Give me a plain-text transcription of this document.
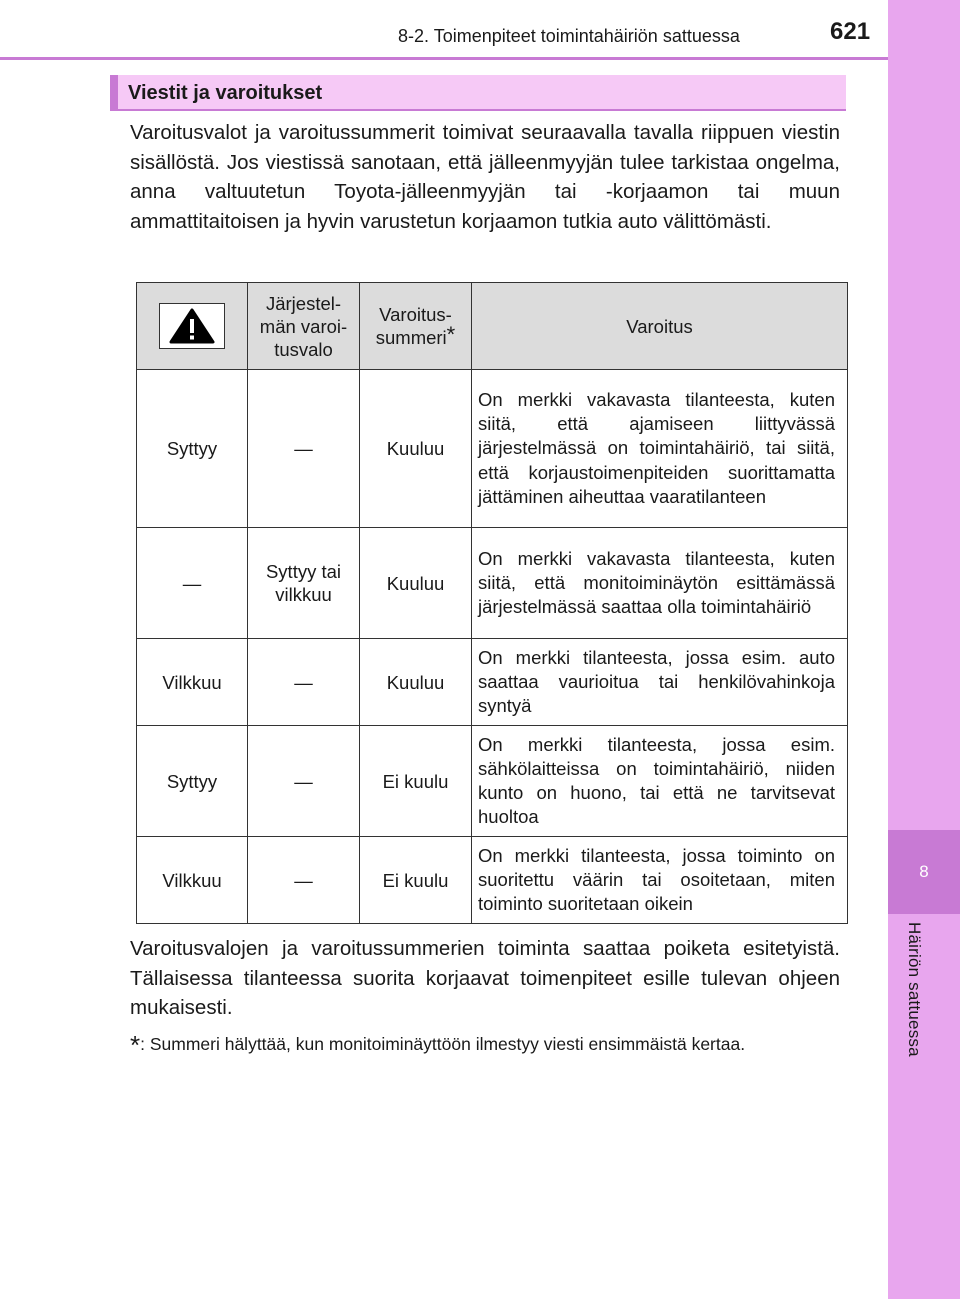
8
Häiriön sattuessa
8-2. Toimenpiteet toimintahäiriön sattuessa	621
Viestit ja varoitukset
Varoitusvalot ja varoitussummerit toimivat seuraavalla tavalla riippuen viestin sisällöstä. Jos viestissä sanotaan, että jälleenmyyjän tulee tarkistaa ongelma, anna valtuutetun Toyota-jälleenmyyjän tai -korjaamon tai muun ammattitaitoisen ja hyvin varustetun korjaamon tutkia auto välittömästi.
	Järjestel-män varoi-tusvalo	Varoitus-summeri*	Varoitus
Syttyy	—	Kuuluu	On merkki vakavasta tilanteesta, kuten siitä, että ajamiseen liittyvässä järjestelmässä on toimintahäiriö, tai siitä, että korjaustoimenpiteiden suorittamatta jättäminen aiheuttaa vaaratilanteen
—	Syttyy tai vilkkuu	Kuuluu	On merkki vakavasta tilanteesta, kuten siitä, että monitoiminäytön esittämässä järjestelmässä saattaa olla toimintahäiriö
Vilkkuu	—	Kuuluu	On merkki tilanteesta, jossa esim. auto saattaa vaurioitua tai henkilövahinkoja syntyä
Syttyy	—	Ei kuulu	On merkki tilanteesta, jossa esim. sähkölaitteissa on toimintahäiriö, niiden kunto on huono, tai että ne tarvitsevat huoltoa
Vilkkuu	—	Ei kuulu	On merkki tilanteesta, jossa toiminto on suoritettu väärin tai osoitetaan, miten toiminto suoritetaan oikein
Varoitusvalojen ja varoitussummerien toiminta saattaa poiketa esitetyistä. Tällaisessa tilanteessa suorita korjaavat toimenpiteet esille tulevan ohjeen mukaisesti.
*: Summeri hälyttää, kun monitoiminäyttöön ilmestyy viesti ensimmäistä kertaa.
